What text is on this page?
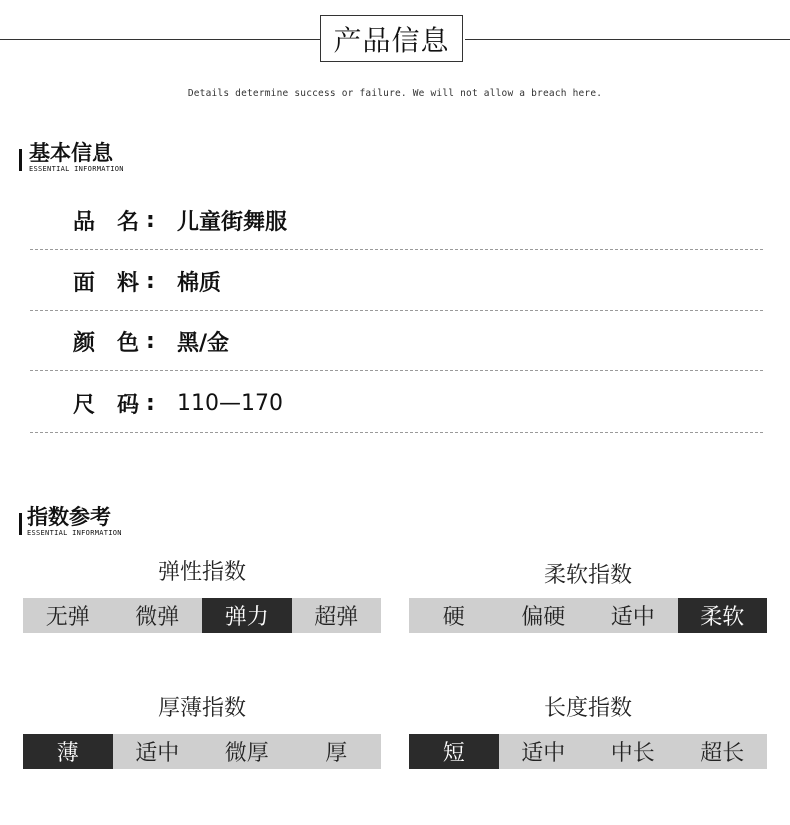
产品信息
Details determine success or failure. We will not allow a breach here.
基本信息
ESSENTIAL INFORMATION
品 名 : 儿童街舞服
面 料 : 棉质
颜 色 : 黑/金
尺 码 : 110—170
指数参考
ESSENTIAL INFORMATION
弹性指数
无弹	微弹	弹力	超弹
柔软指数
硬	偏硬	适中	柔软
厚薄指数
薄	适中	微厚	厚
长度指数
短	适中	中长	超长
